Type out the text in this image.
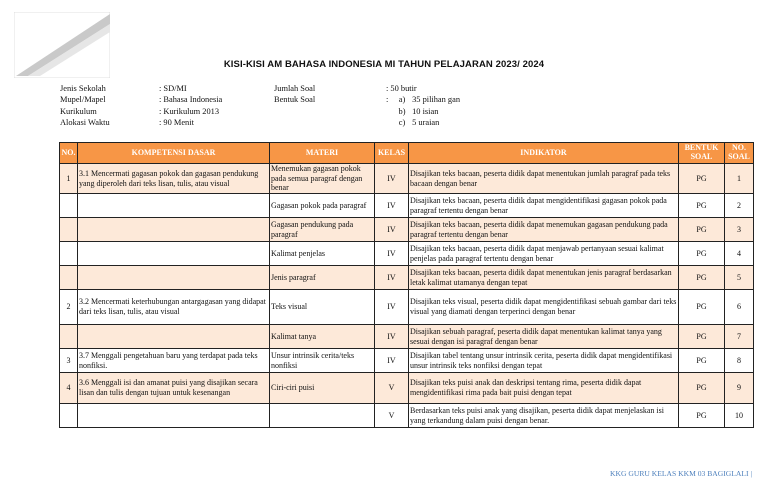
KISI-KISI AM BAHASA INDONESIA MI TAHUN PELAJARAN 2023/ 2024
Jenis Sekolah	: SD/MI
Mupel/Mapel	: Bahasa Indonesia
Kurikulum	: Kurikulum 2013
Alokasi Waktu	: 90 Menit
Jumlah Soal	: 50 butir
Bentuk Soal	:	a) 35 pilihan gan
b) 10 isian
c) 5 uraian
NO.	KOMPETENSI DASAR	MATERI	KELAS	INDIKATOR	BENTUK SOAL	NO. SOAL
1	3.1 Mencermati gagasan pokok dan gagasan pendukung yang diperoleh dari teks lisan, tulis, atau visual	Menemukan gagasan pokok pada semua paragraf dengan benar	IV	Disajikan teks bacaan, peserta didik dapat menentukan jumlah paragraf pada teks bacaan dengan benar	PG	1
		Gagasan pokok pada paragraf	IV	Disajikan teks bacaan, peserta didik dapat mengidentifikasi gagasan pokok pada paragraf tertentu dengan benar	PG	2
		Gagasan pendukung pada paragraf	IV	Disajikan teks bacaan, peserta didik dapat menemukan gagasan pendukung pada paragraf tertentu dengan benar	PG	3
		Kalimat penjelas	IV	Disajikan teks bacaan, peserta didik dapat menjawab pertanyaan sesuai kalimat penjelas pada paragraf tertentu dengan benar	PG	4
		Jenis paragraf	IV	Disajikan teks bacaan, peserta didik dapat menentukan jenis paragraf berdasarkan letak kalimat utamanya dengan tepat	PG	5
2	3.2 Mencermati keterhubungan antargagasan yang didapat dari teks lisan, tulis, atau visual	Teks visual	IV	Disajikan teks visual, peserta didik dapat mengidentifikasi sebuah gambar dari teks visual yang diamati dengan terperinci dengan benar	PG	6
		Kalimat tanya	IV	Disajikan sebuah paragraf, peserta didik dapat menentukan kalimat tanya yang sesuai dengan isi paragraf dengan benar	PG	7
3	3.7 Menggali pengetahuan baru yang terdapat pada teks nonfiksi.	Unsur intrinsik cerita/teks nonfiksi	IV	Disajikan tabel tentang unsur intrinsik cerita, peserta didik dapat mengidentifikasi unsur intrinsik teks nonfiksi dengan tepat	PG	8
4	3.6 Menggali isi dan amanat puisi yang disajikan secara lisan dan tulis dengan tujuan untuk kesenangan	Ciri-ciri puisi	V	Disajikan teks puisi anak dan deskripsi tentang rima, peserta didik dapat mengidentifikasi rima pada bait puisi dengan tepat	PG	9
			V	Berdasarkan teks puisi anak yang disajikan, peserta didik dapat menjelaskan isi yang terkandung dalam puisi dengan benar.	PG	10
KKG GURU KELAS KKM 03 BAGIGLALI |
